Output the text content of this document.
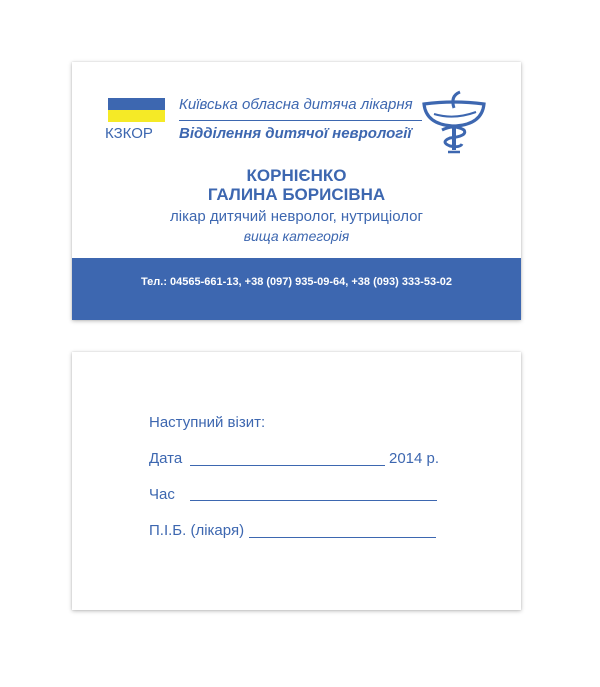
КЗКОР
Київська обласна дитяча лікарня
Відділення дитячої неврології
КОРНІЄНКО
ГАЛИНА БОРИСІВНА
лікар дитячий невролог, нутриціолог
вища категорія
Тел.: 04565-661-13, +38 (097) 935-09-64, +38 (093) 333-53-02
Наступний візит:
Дата	2014 р.
Час
П.І.Б. (лікаря)
